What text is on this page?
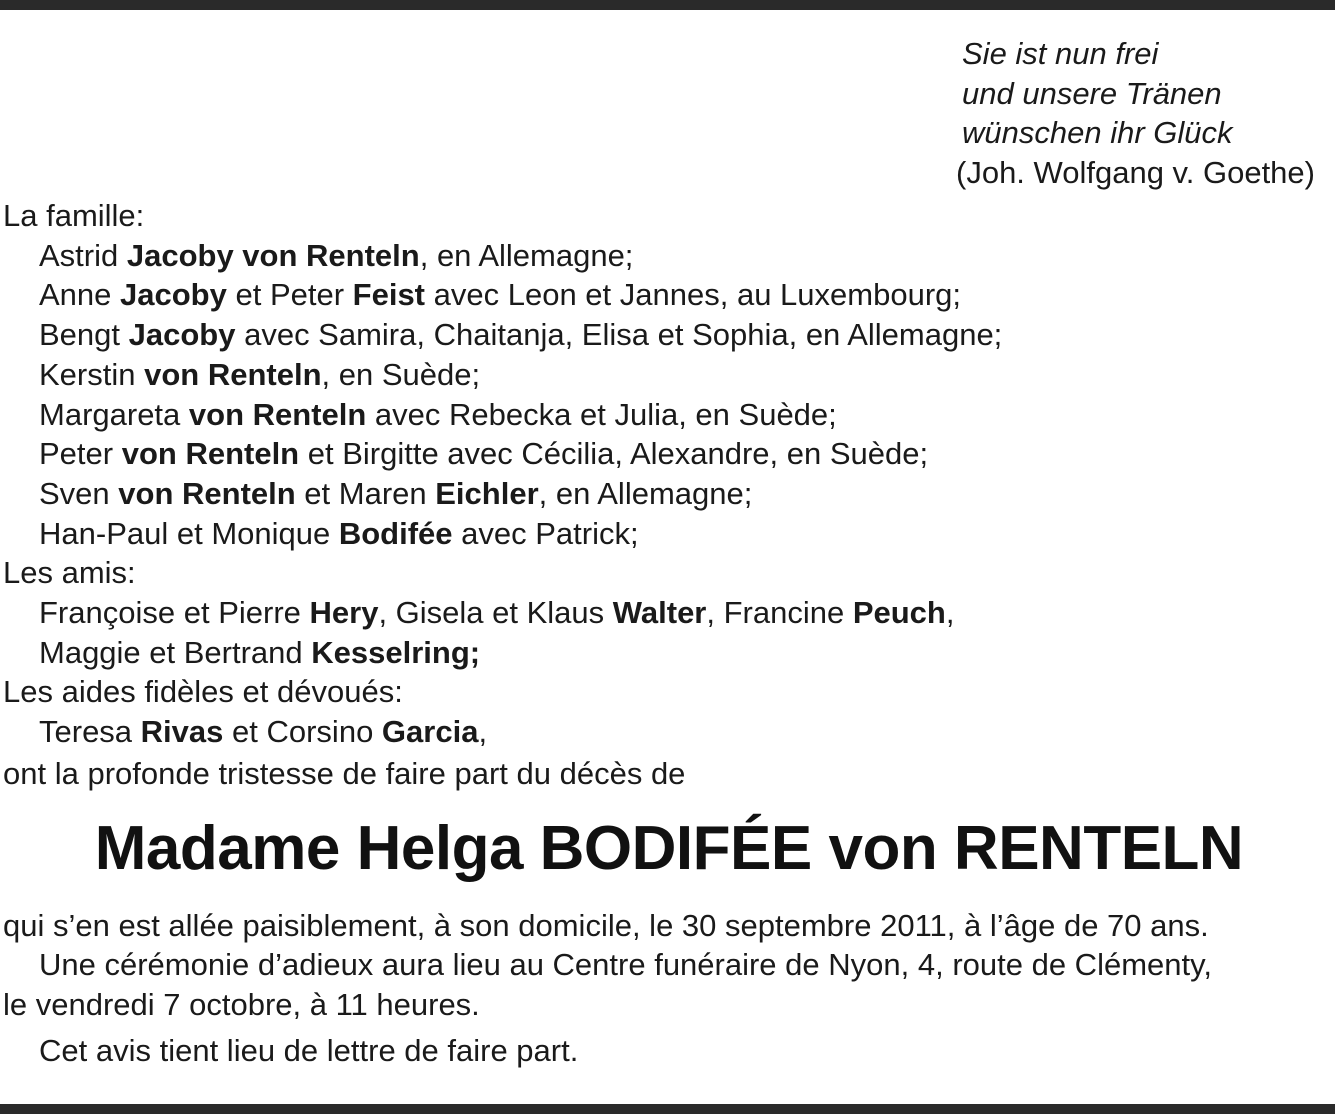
Sie ist nun frei
und unsere Tränen
wünschen ihr Glück
(Joh. Wolfgang v. Goethe)
La famille:
Astrid Jacoby von Renteln, en Allemagne;
Anne Jacoby et Peter Feist avec Leon et Jannes, au Luxembourg;
Bengt Jacoby avec Samira, Chaitanja, Elisa et Sophia, en Allemagne;
Kerstin von Renteln, en Suède;
Margareta von Renteln avec Rebecka et Julia, en Suède;
Peter von Renteln et Birgitte avec Cécilia, Alexandre, en Suède;
Sven von Renteln et Maren Eichler, en Allemagne;
Han-Paul et Monique Bodifée avec Patrick;
Les amis:
Françoise et Pierre Hery, Gisela et Klaus Walter, Francine Peuch,
Maggie et Bertrand Kesselring;
Les aides fidèles et dévoués:
Teresa Rivas et Corsino Garcia,
ont la profonde tristesse de faire part du décès de
Madame Helga BODIFÉE von RENTELN
qui s’en est allée paisiblement, à son domicile, le 30 septembre 2011, à l’âge de 70 ans.
Une cérémonie d’adieux aura lieu au Centre funéraire de Nyon, 4, route de Clémenty,
le vendredi 7 octobre, à 11 heures.
Cet avis tient lieu de lettre de faire part.
